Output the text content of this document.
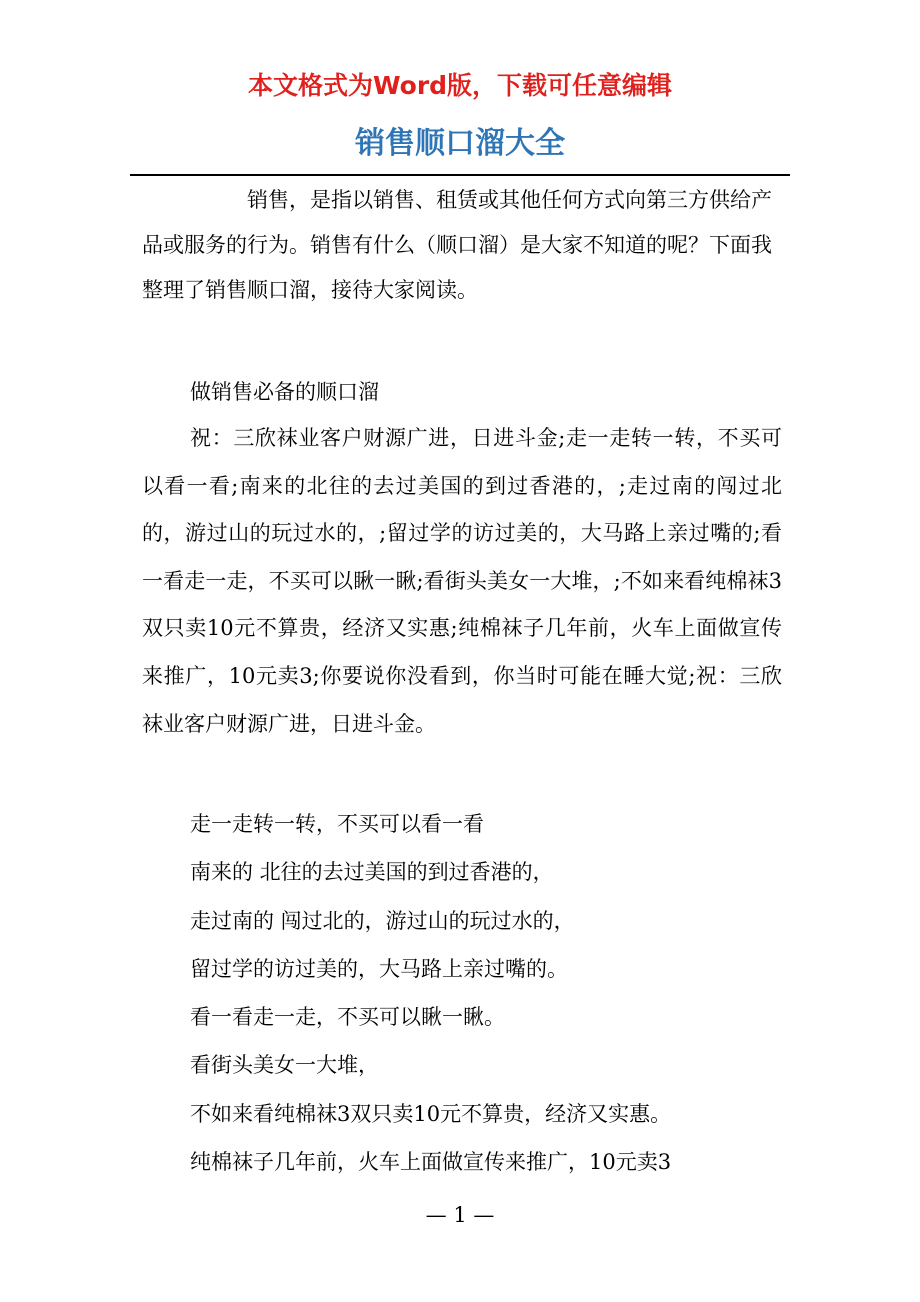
本文格式为Word版，下载可任意编辑
销售顺口溜大全
销售，是指以销售、租赁或其他任何方式向第三方供给产品或服务的行为。销售有什么（顺口溜）是大家不知道的呢？下面我整理了销售顺口溜，接待大家阅读。
做销售必备的顺口溜
祝：三欣袜业客户财源广进，日进斗金;走一走转一转，不买可以看一看;南来的北往的去过美国的到过香港的，;走过南的闯过北的，游过山的玩过水的，;留过学的访过美的，大马路上亲过嘴的;看一看走一走，不买可以瞅一瞅;看街头美女一大堆，;不如来看纯棉袜3双只卖10元不算贵，经济又实惠;纯棉袜子几年前，火车上面做宣传来推广，10元卖3;你要说你没看到，你当时可能在睡大觉;祝：三欣袜业客户财源广进，日进斗金。
走一走转一转，不买可以看一看
南来的 北往的去过美国的到过香港的，
走过南的 闯过北的，游过山的玩过水的，
留过学的访过美的，大马路上亲过嘴的。
看一看走一走，不买可以瞅一瞅。
看街头美女一大堆，
不如来看纯棉袜3双只卖10元不算贵，经济又实惠。
纯棉袜子几年前，火车上面做宣传来推广，10元卖3
— 1 —
